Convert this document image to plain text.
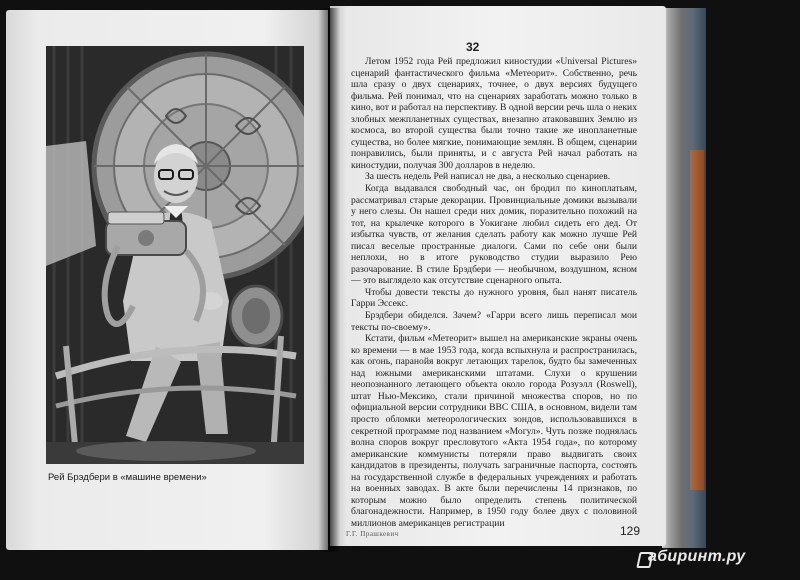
Рей Брэдбери в «машине времени»
32

Летом 1952 года Рей предложил киностудии «Universal Pictures» сценарий фантастического фильма «Метеорит». Собственно, речь шла сразу о двух сценариях, точнее, о двух версиях будущего фильма. Рей понимал, что на сценариях заработать можно только в кино, вот и работал на перспективу. В одной версии речь шла о неких злобных межпланетных существах, внезапно атаковавших Землю из космоса, во второй существа были точно такие же инопланетные существа, но более мягкие, понимающие землян. В общем, сценарии понравились, были приняты, и с августа Рей начал работать на киностудии, получая 300 долларов в неделю.

За шесть недель Рей написал не два, а несколько сценариев.

Когда выдавался свободный час, он бродил по киноплатьям, рассматривал старые декорации. Провинциальные домики вызывали у него слезы. Он нашел среди них домик, поразительно похожий на тот, на крылечке которого в Уокигане любил сидеть его дед. От избытка чувств, от желания сделать работу как можно лучше Рей писал веселые пространные диалоги. Сами по себе они были неплохи, но в итоге руководство студии выразило Рею разочарование. В стиле Брэдбери — необычном, воздушном, ясном — это выглядело как отсутствие сценарного опыта.

Чтобы довести тексты до нужного уровня, был нанят писатель Гарри Эссекс.

Брэдбери обиделся. Зачем? «Гарри всего лишь переписал мои тексты по-своему».

Кстати, фильм «Метеорит» вышел на американские экраны очень ко времени — в мае 1953 года, когда вспыхнула и распространилась, как огонь, паранойя вокруг летающих тарелок, будто бы замеченных над южными американскими штатами. Слухи о крушении неопознанного летающего объекта около города Розуэлл (Roswell), штат Нью-Мексико, стали причиной множества споров, но по официальной версии сотрудники ВВС США, в основном, видели там просто обломки метеорологических зондов, использовавшихся в секретной программе под названием «Могул». Чуть позже поднялась волна споров вокруг пресловутого «Акта 1954 года», по которому американские коммунисты потеряли право выдвигать своих кандидатов в президенты, получать заграничные паспорта, состоять на государственной службе в федеральных учреждениях и работать на военных заводах. В акте были перечислены 14 признаков, по которым можно было определить степень политической благонадежности. Например, в 1950 году более двух с половиной миллионов американцев регистрации

Г.Г. Прашкевич	129
абиринт.ру
